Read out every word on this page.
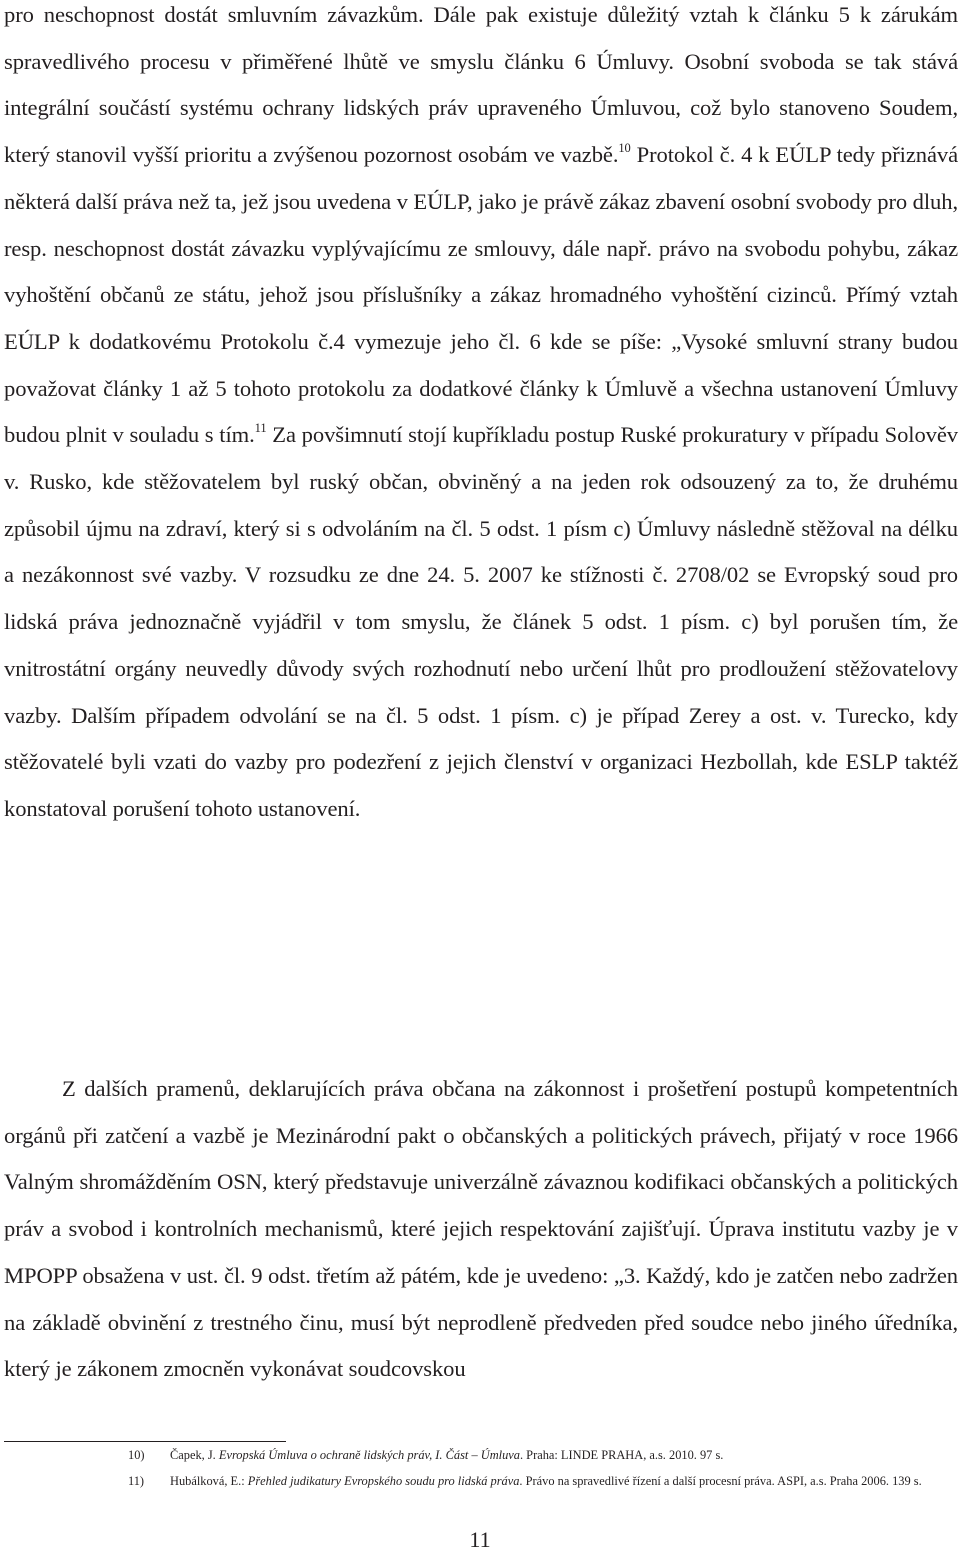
pro neschopnost dostát smluvním závazkům. Dále pak existuje důležitý vztah k článku 5 k zárukám spravedlivého procesu v přiměřené lhůtě ve smyslu článku 6 Úmluvy. Osobní svoboda se tak stává integrální součástí systému ochrany lidských práv upraveného Úmluvou, což bylo stanoveno Soudem, který stanovil vyšší prioritu a zvýšenou pozornost osobám ve vazbě.$^{10}$ Protokol č. 4 k EÚLP tedy přiznává některá další práva než ta, jež jsou uvedena v EÚLP, jako je právě zákaz zbavení osobní svobody pro dluh, resp. neschopnost dostát závazku vyplývajícímu ze smlouvy, dále např. právo na svobodu pohybu, zákaz vyhoštění občanů ze státu, jehož jsou příslušníky a zákaz hromadného vyhoštění cizinců. Přímý vztah EÚLP k dodatkovému Protokolu č.4 vymezuje jeho čl. 6 kde se píše: „Vysoké smluvní strany budou považovat články 1 až 5 tohoto protokolu za dodatkové články k Úmluvě a všechna ustanovení Úmluvy budou plnit v souladu s tím.$^{11}$ Za povšimnutí stojí kupříkladu postup Ruské prokuratury v případu Solověv v. Rusko, kde stěžovatelem byl ruský občan, obviněný a na jeden rok odsouzený za to, že druhému způsobil újmu na zdraví, který si s odvoláním na čl. 5 odst. 1 písm c) Úmluvy následně stěžoval na délku a nezákonnost své vazby. V rozsudku ze dne 24. 5. 2007 ke stížnosti č. 2708/02 se Evropský soud pro lidská práva jednoznačně vyjádřil v tom smyslu, že článek 5 odst. 1 písm. c) byl porušen tím, že vnitrostátní orgány neuvedly důvody svých rozhodnutí nebo určení lhůt pro prodloužení stěžovatelovy vazby. Dalším případem odvolání se na čl. 5 odst. 1 písm. c) je případ Zerey a ost. v. Turecko, kdy stěžovatelé byli vzati do vazby pro podezření z jejich členství v organizaci Hezbollah, kde ESLP taktéž konstatoval porušení tohoto ustanovení.

Z dalších pramenů, deklarujících práva občana na zákonnost i prošetření postupů kompetentních orgánů při zatčení a vazbě je Mezinárodní pakt o občanských a politických právech, přijatý v roce 1966 Valným shromážděním OSN, který představuje univerzálně závaznou kodifikaci občanských a politických práv a svobod i kontrolních mechanismů, které jejich respektování zajišťují. Úprava institutu vazby je v MPOPP obsažena v ust. čl. 9 odst. třetím až pátém, kde je uvedeno: „3. Každý, kdo je zatčen nebo zadržen na základě obvinění z trestného činu, musí být neprodleně předveden před soudce nebo jiného úředníka, který je zákonem zmocněn vykonávat soudcovskou

10) Čapek, J. Evropská Úmluva o ochraně lidských práv, I. Část – Úmluva. Praha: LINDE PRAHA, a.s. 2010. 97 s.
11) Hubálková, E.: Přehled judikatury Evropského soudu pro lidská práva. Právo na spravedlivé řízení a další procesní práva. ASPI, a.s. Praha 2006. 139 s.
11
